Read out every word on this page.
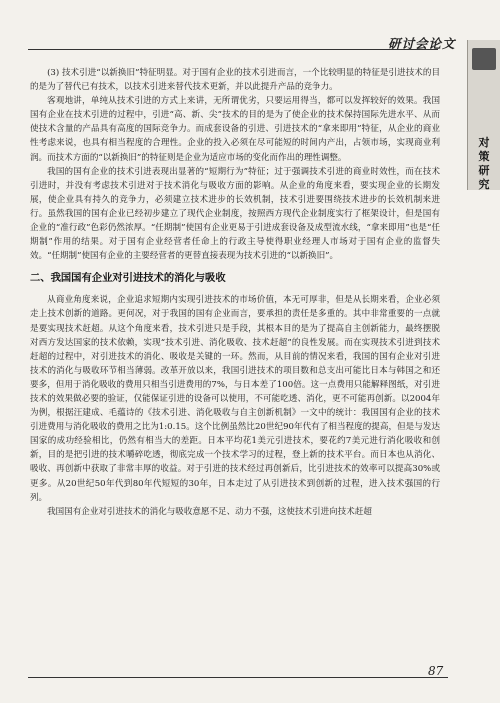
研讨会论文
对
策
研
究

(3) 技术引进“以新换旧”特征明显。对于国有企业的技术引进而言，一个比较明显的特征是引进技术的目的是为了替代已有技术，以技术引进来替代技术更新，并以此提升产品的竞争力。

客观地讲，单纯从技术引进的方式上来讲，无所谓优劣，只要运用得当，都可以发挥较好的效果。我国国有企业在技术引进的过程中，引进“高、新、尖”技术的目的是为了使企业的技术保持国际先进水平、从而使技术含量的产品具有高度的国际竞争力。而成套设备的引进、引进技术的“拿来即用”特征，从企业的商业性考虑来说，也具有相当程度的合理性。企业的投入必须在尽可能短的时间内产出，占领市场，实现商业利润。而技术方面的“以新换旧”的特征则是企业为适应市场的变化而作出的理性调整。

我国的国有企业的技术引进表现出显著的“短期行为”特征；过于强调技术引进的商业时效性，而在技术引进时，并没有考虑技术引进对于技术消化与吸收方面的影响。从企业的角度来看，要实现企业的长期发展，使企业具有持久的竞争力，必须建立技术进步的长效机制，技术引进要围绕技术进步的长效机制来进行。虽然我国的国有企业已经初步建立了现代企业制度，按照西方现代企业制度实行了框架设计，但是国有企业的“准行政”色彩仍然浓厚。“任期制”使国有企业更易于引进成套设备及成型流水线，“拿来即用”也是“任期制”作用的结果。对于国有企业经营者任命上的行政主导使得职业经理人市场对于国有企业的监督失效。“任期制”使国有企业的主要经营者的更替直接表现为技术引进的“以新换旧”。

二、我国国有企业对引进技术的消化与吸收

从商业角度来说，企业追求短期内实现引进技术的市场价值，本无可厚非，但是从长期来看，企业必须走上技术创新的道路。更何况，对于我国的国有企业而言，要承担的责任是多重的。其中非常重要的一点就是要实现技术赶超。从这个角度来看，技术引进只是手段，其根本目的是为了提高自主创新能力，最终摆脱对西方发达国家的技术依赖，实现“技术引进、消化吸收、技术赶超”的良性发展。而在实现技术引进到技术赶超的过程中，对引进技术的消化、吸收是关键的一环。然而，从目前的情况来看，我国的国有企业对引进技术的消化与吸收环节相当薄弱。改革开放以来，我国引进技术的项目数和总支出可能比日本与韩国之和还要多，但用于消化吸收的费用只相当引进费用的7%，与日本差了100倍。这一点费用只能解释图纸，对引进技术的效果做必要的验证，仅能保证引进的设备可以使用，不可能吃透、消化，更不可能再创新。以2004年为例，根据汪建成、毛蕴诗的《技术引进、消化吸收与自主创新机制》一文中的统计：我国国有企业的技术引进费用与消化吸收的费用之比为1:0.15。这个比例虽然比20世纪90年代有了相当程度的提高，但是与发达国家的成功经验相比，仍然有相当大的差距。日本平均花1美元引进技术，要花约7美元进行消化吸收和创新，目的是把引进的技术嚼碎吃透，彻底完成一个技术学习的过程，登上新的技术平台。而日本也从消化、吸收、再创新中获取了非常丰厚的收益。对于引进的技术经过再创新后，比引进技术的效率可以提高30%或更多。从20世纪50年代到80年代短短的30年，日本走过了从引进技术到创新的过程，进入技术强国的行列。

我国国有企业对引进技术的消化与吸收意愿不足、动力不强，这使技术引进向技术赶超

87
